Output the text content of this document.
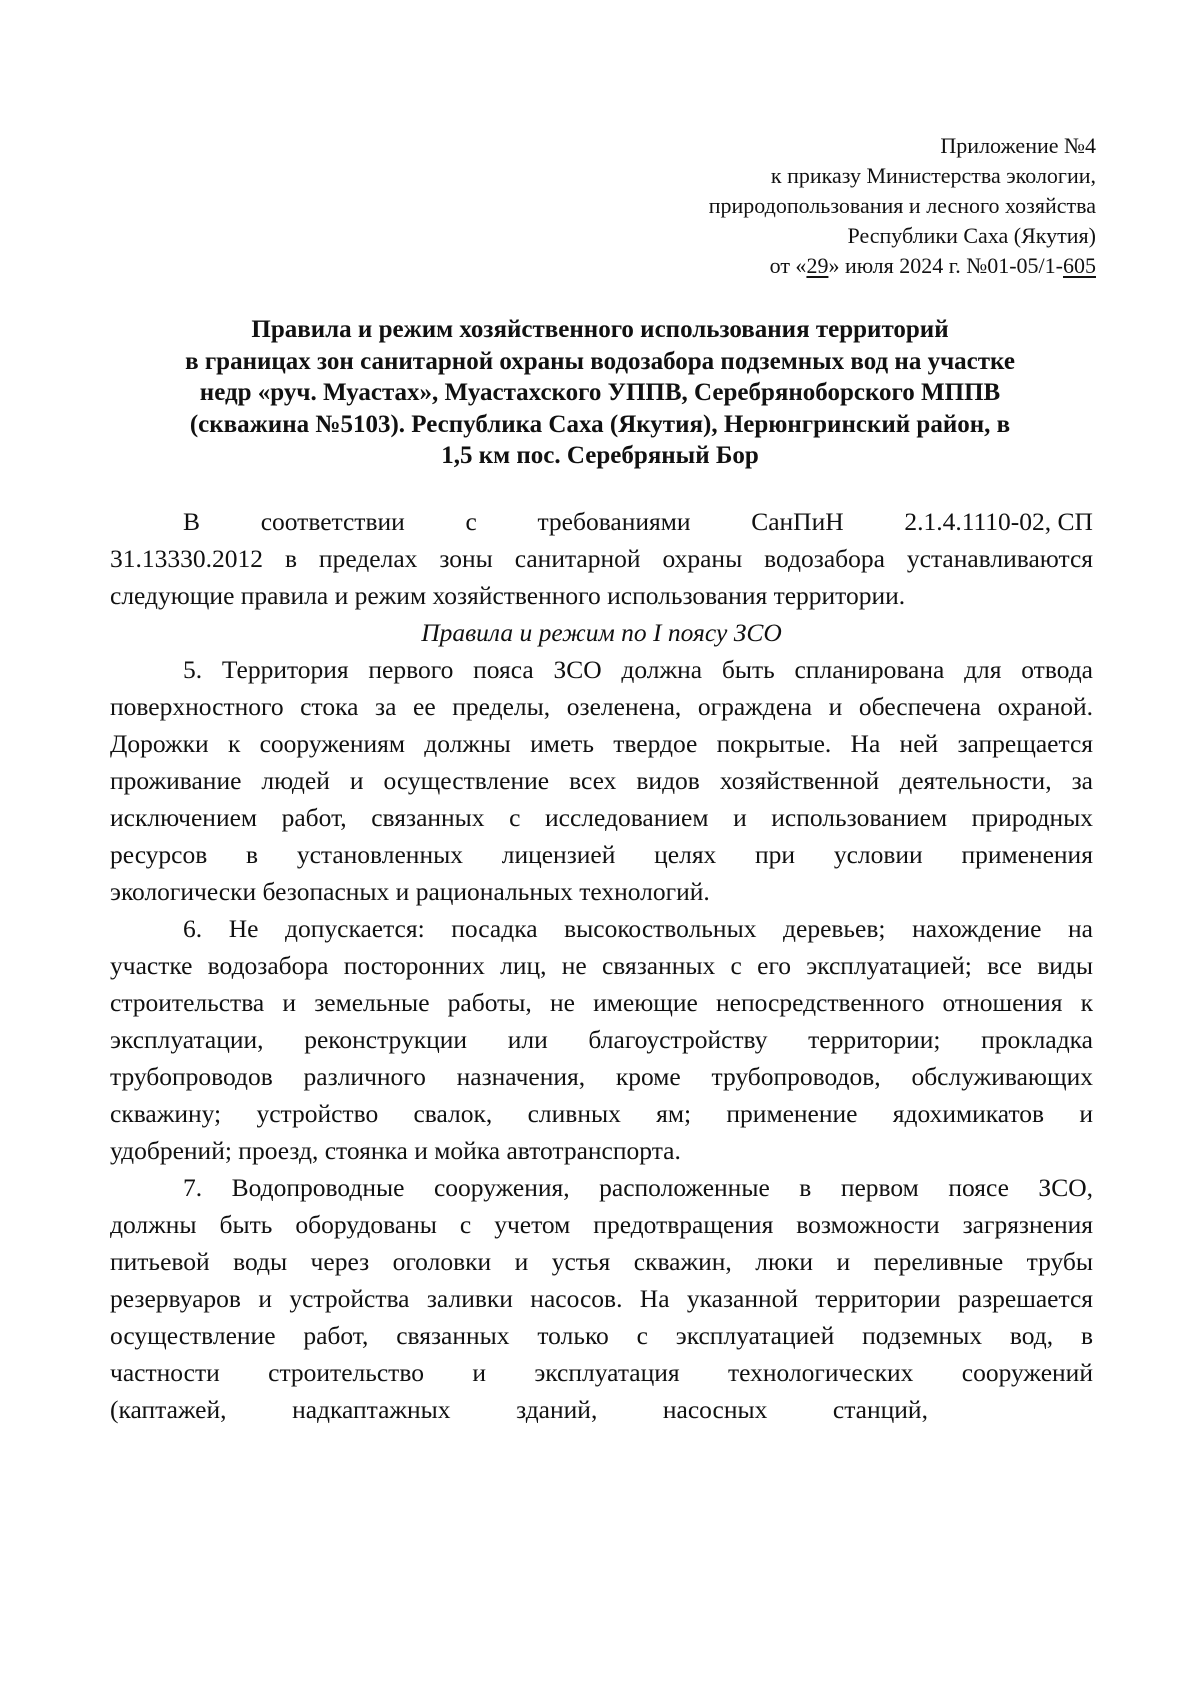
Приложение №4
к приказу Министерства экологии,
природопользования и лесного хозяйства
Республики Саха (Якутия)
от «29» июля 2024 г. №01-05/1-605
Правила и режим хозяйственного использования территорий
в границах зон санитарной охраны водозабора подземных вод на участке
недр «руч. Муастах», Муастахского УППВ, Серебряноборского МППВ
(скважина №5103). Республика Саха (Якутия), Нерюнгринский район, в
1,5 км пос. Серебряный Бор
В соответствии с требованиями СанПиН 2.1.4.1110-02, СП
31.13330.2012 в пределах зоны санитарной охраны водозабора устанавливаются
следующие правила и режим хозяйственного использования территории.
Правила и режим по I поясу ЗСО
5. Территория первого пояса ЗСО должна быть спланирована для отвода
поверхностного стока за ее пределы, озеленена, ограждена и обеспечена охраной.
Дорожки к сооружениям должны иметь твердое покрытые. На ней запрещается
проживание людей и осуществление всех видов хозяйственной деятельности, за
исключением работ, связанных с исследованием и использованием природных
ресурсов в установленных лицензией целях при условии применения
экологически безопасных и рациональных технологий.
6. Не допускается: посадка высокоствольных деревьев; нахождение на
участке водозабора посторонних лиц, не связанных с его эксплуатацией; все виды
строительства и земельные работы, не имеющие непосредственного отношения к
эксплуатации, реконструкции или благоустройству территории; прокладка
трубопроводов различного назначения, кроме трубопроводов, обслуживающих
скважину; устройство свалок, сливных ям; применение ядохимикатов и
удобрений; проезд, стоянка и мойка автотранспорта.
7. Водопроводные сооружения, расположенные в первом поясе ЗСО,
должны быть оборудованы с учетом предотвращения возможности загрязнения
питьевой воды через оголовки и устья скважин, люки и переливные трубы
резервуаров и устройства заливки насосов. На указанной территории разрешается
осуществление работ, связанных только с эксплуатацией подземных вод, в
частности строительство и эксплуатация технологических сооружений
(каптажей,	надкаптажных	зданий,	насосных	станций,
